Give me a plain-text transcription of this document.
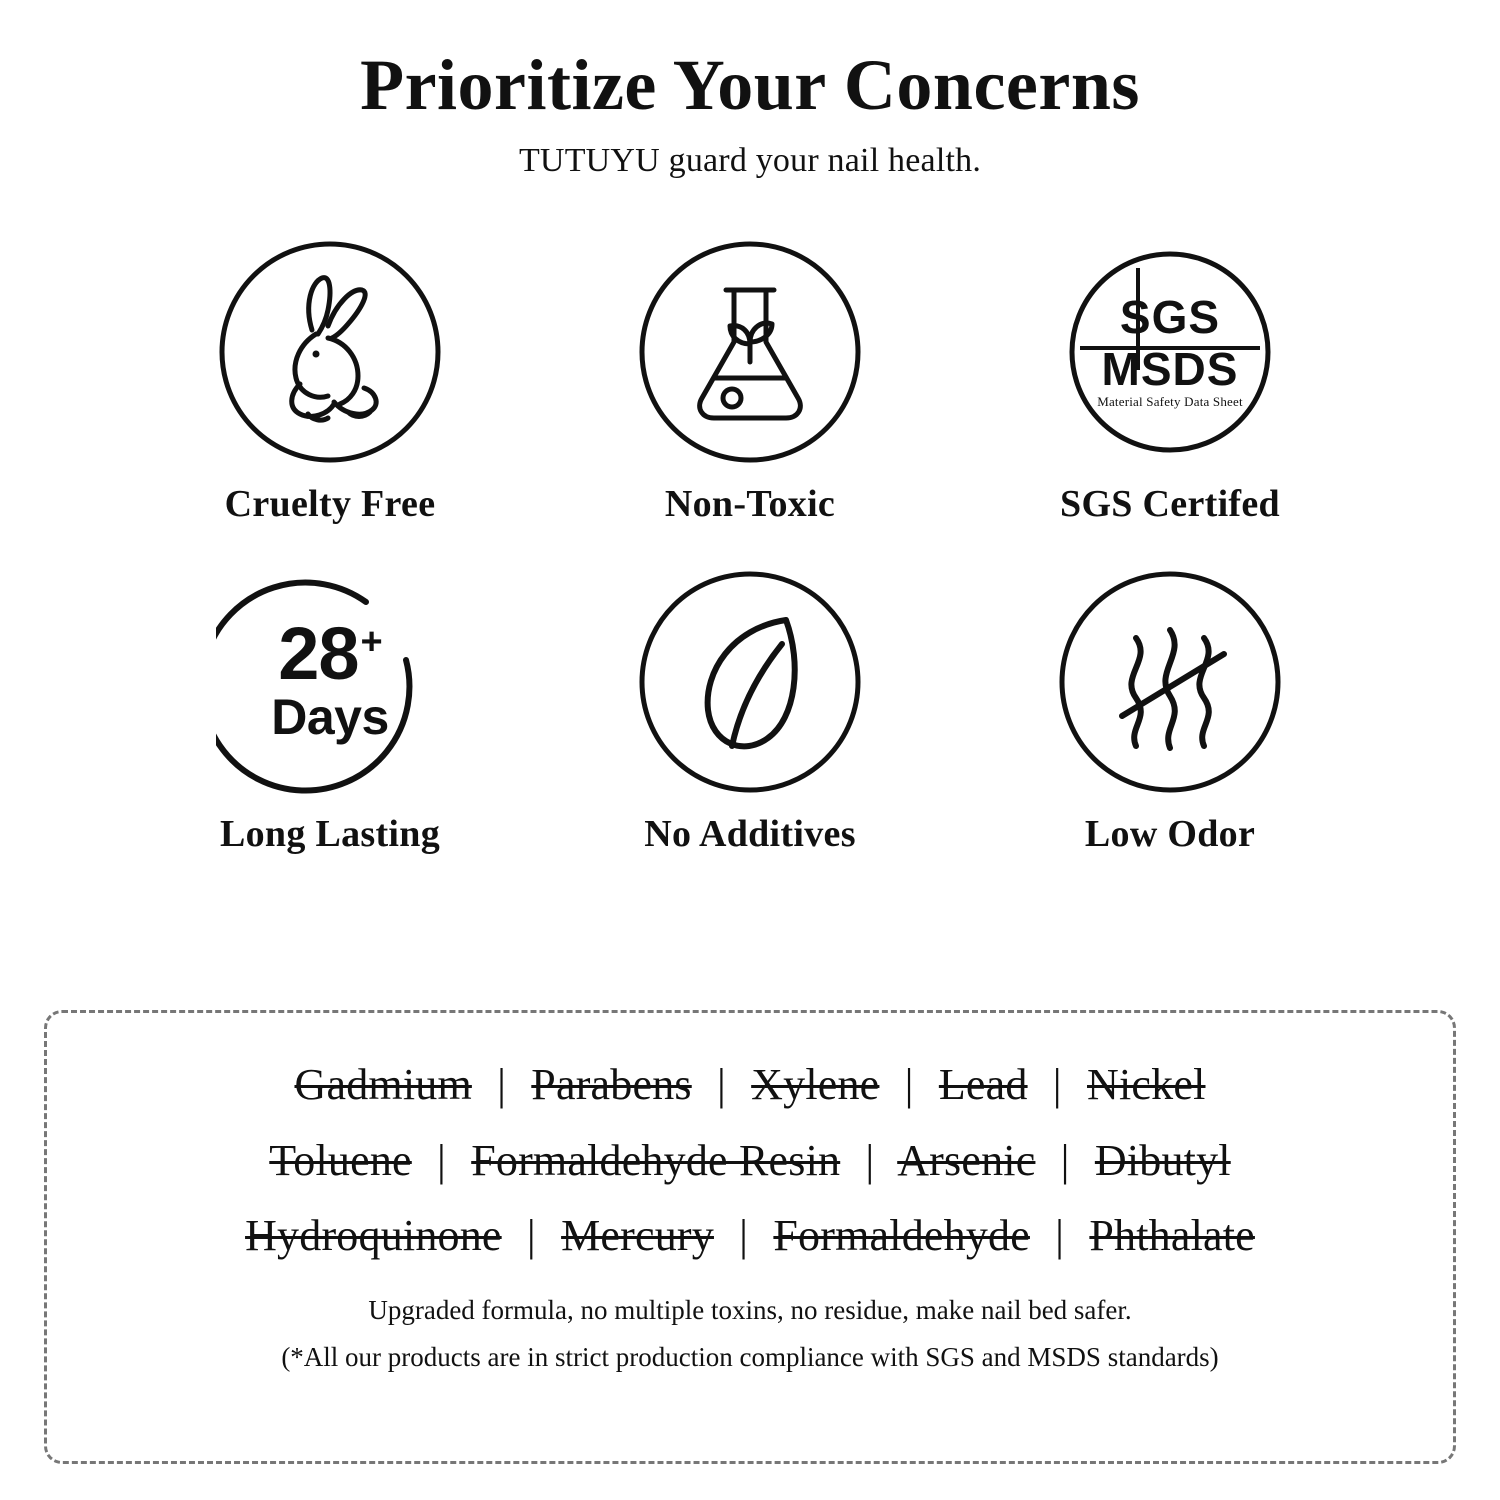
Prioritize Your Concerns
TUTUYU guard your nail health.
Cruelty Free	Non-Toxic
SGS
MSDS
Material Safety Data Sheet
SGS Certifed
28 +
Days
Long Lasting	No Additives	Low Odor
Gadmium | Parabens | Xylene | Lead | Nickel
Toluene | Formaldehyde Resin | Arsenic | Dibutyl
Hydroquinone | Mercury | Formaldehyde | Phthalate
Upgraded formula, no multiple toxins, no residue, make nail bed safer.
(*All our products are in strict production compliance with SGS and MSDS standards)
